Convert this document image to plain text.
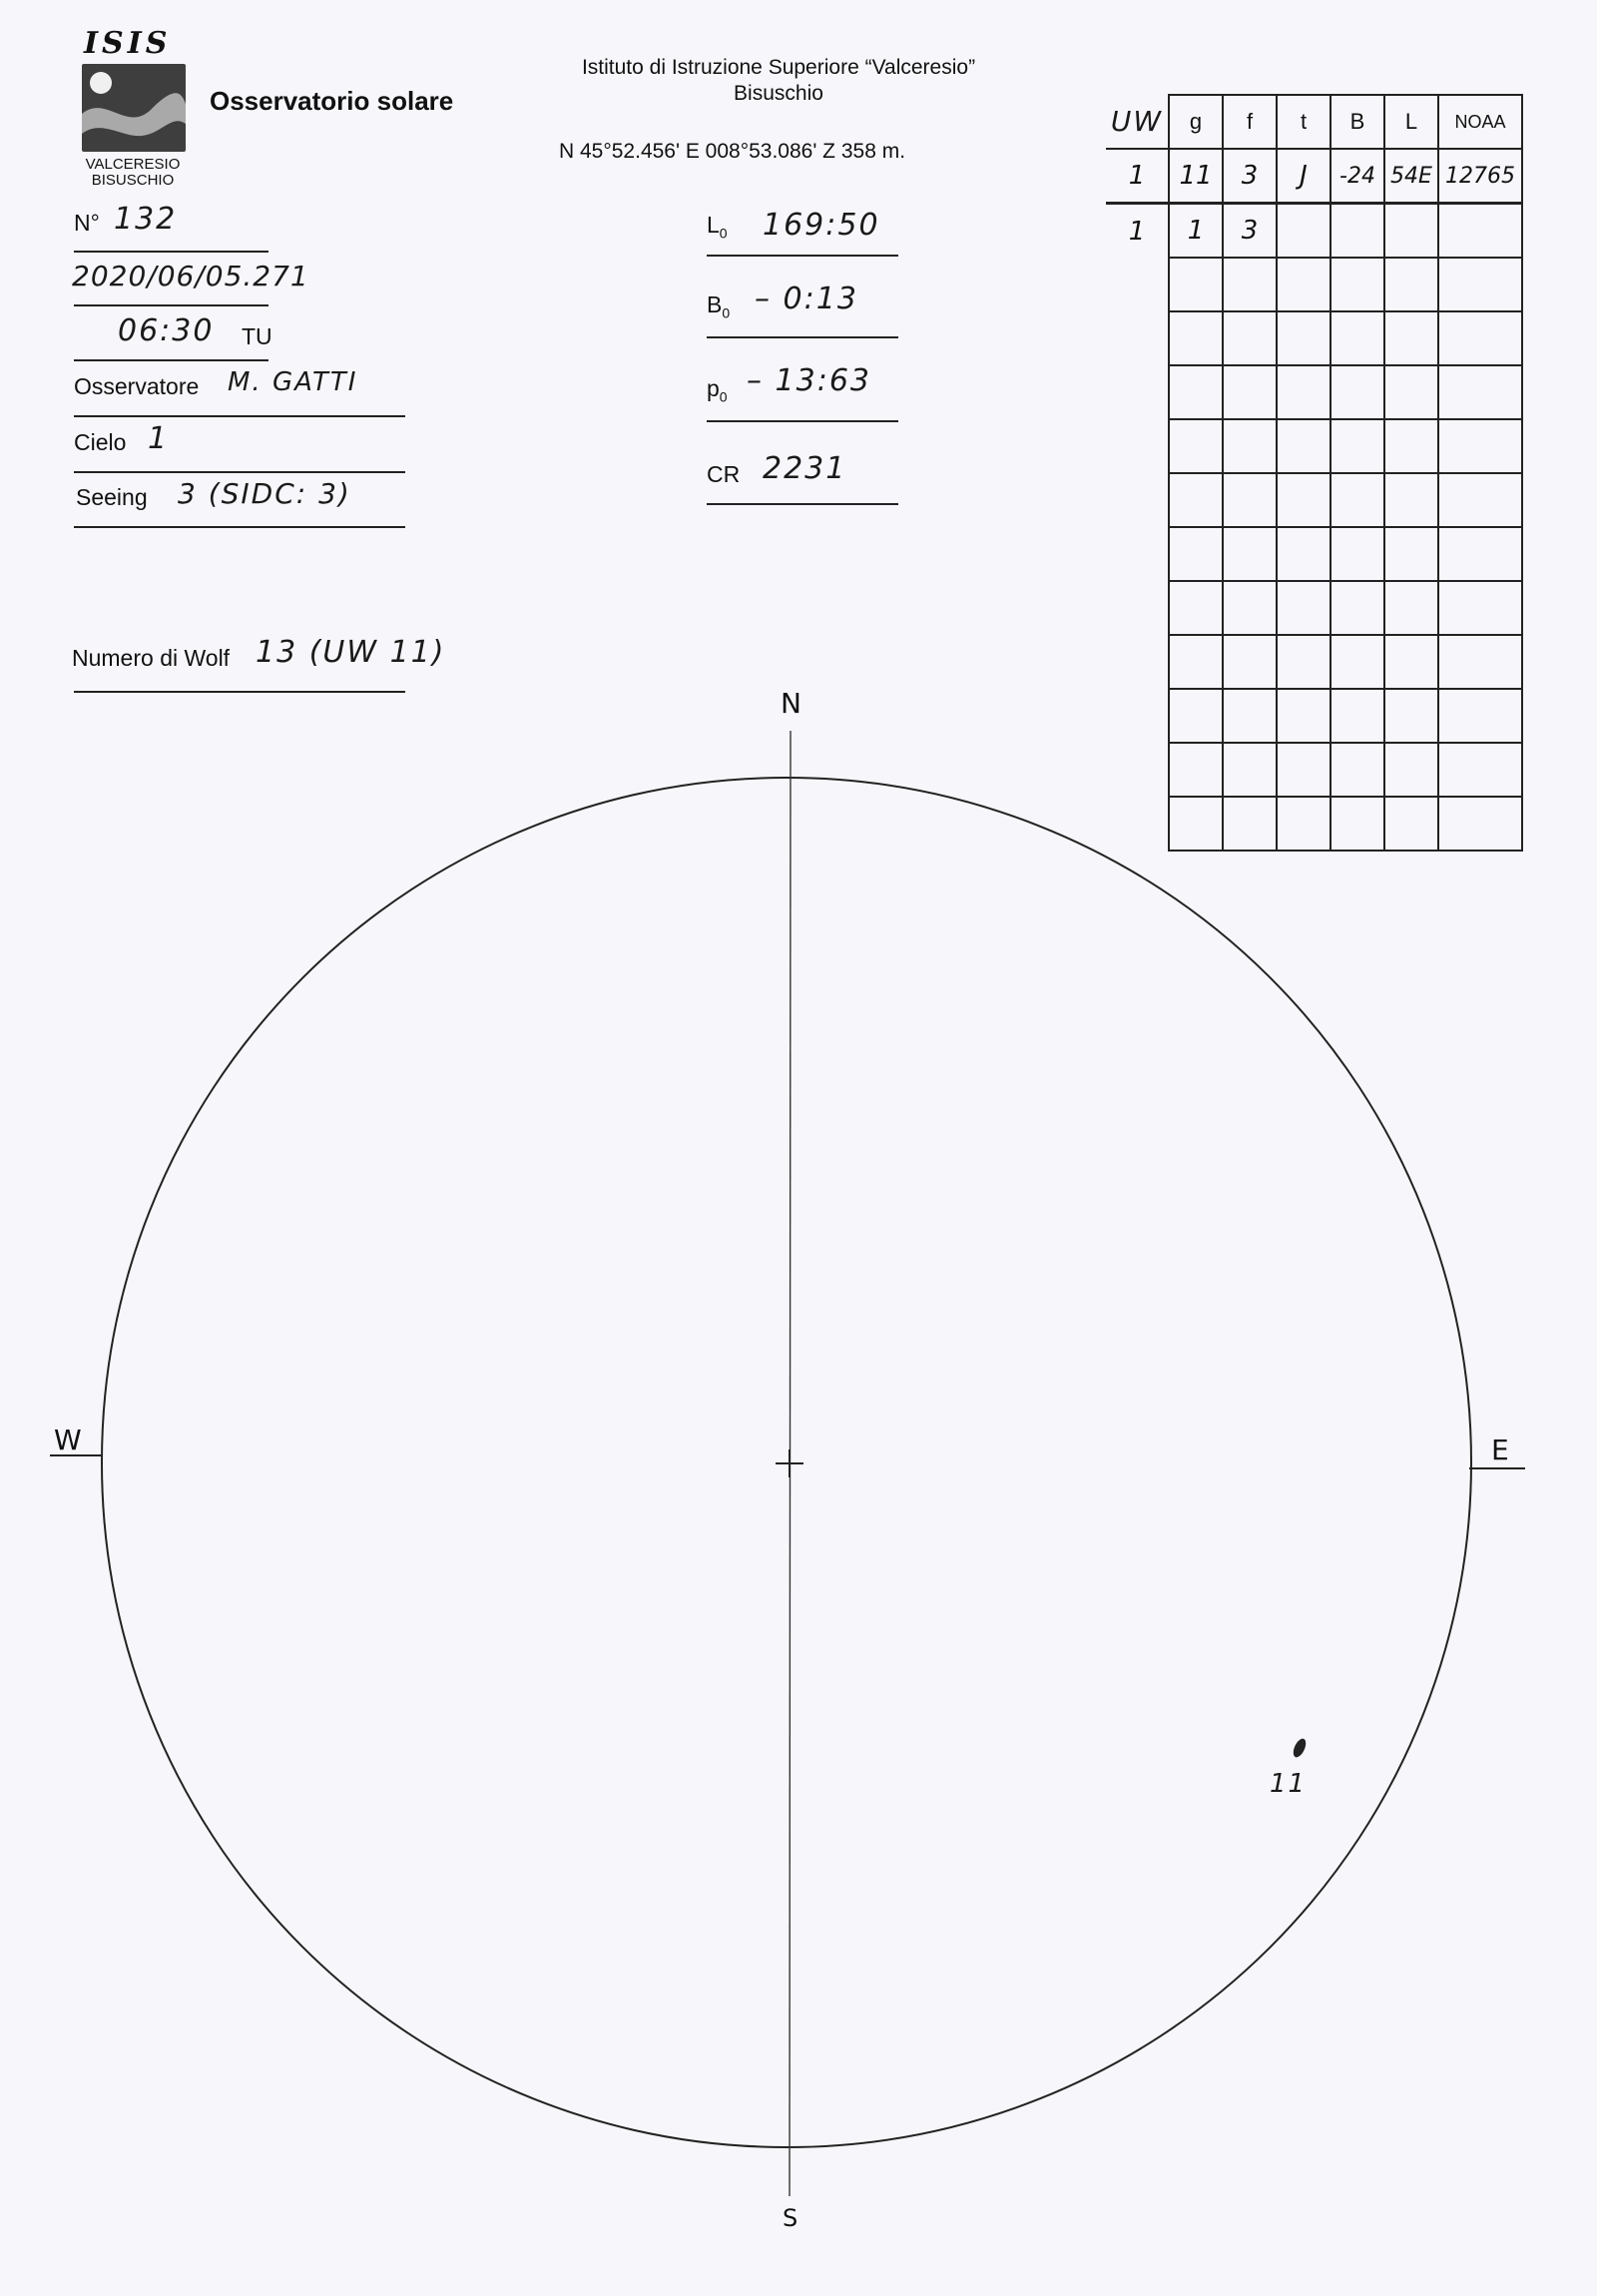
ISIS
VALCERESIO
BISUSCHIO
Osservatorio solare
Istituto di Istruzione Superiore “Valceresio”
Bisuschio
N 45°52.456' E 008°53.086' Z 358 m.
N° 132
2020/06/05.271
06:30 TU
Osservatore M. GATTI
Cielo 1
Seeing 3 (SIDC: 3)
Numero di Wolf 13 (UW 11)
$L_0$ 169:50
$B_0$ – 0:13
$p_0$ – 13:63
CR 2231
UW	g	f	t	B	L	NOAA
1	11	3	J	-24	54E	12765
1	1	3				

N
S
E
W
11
